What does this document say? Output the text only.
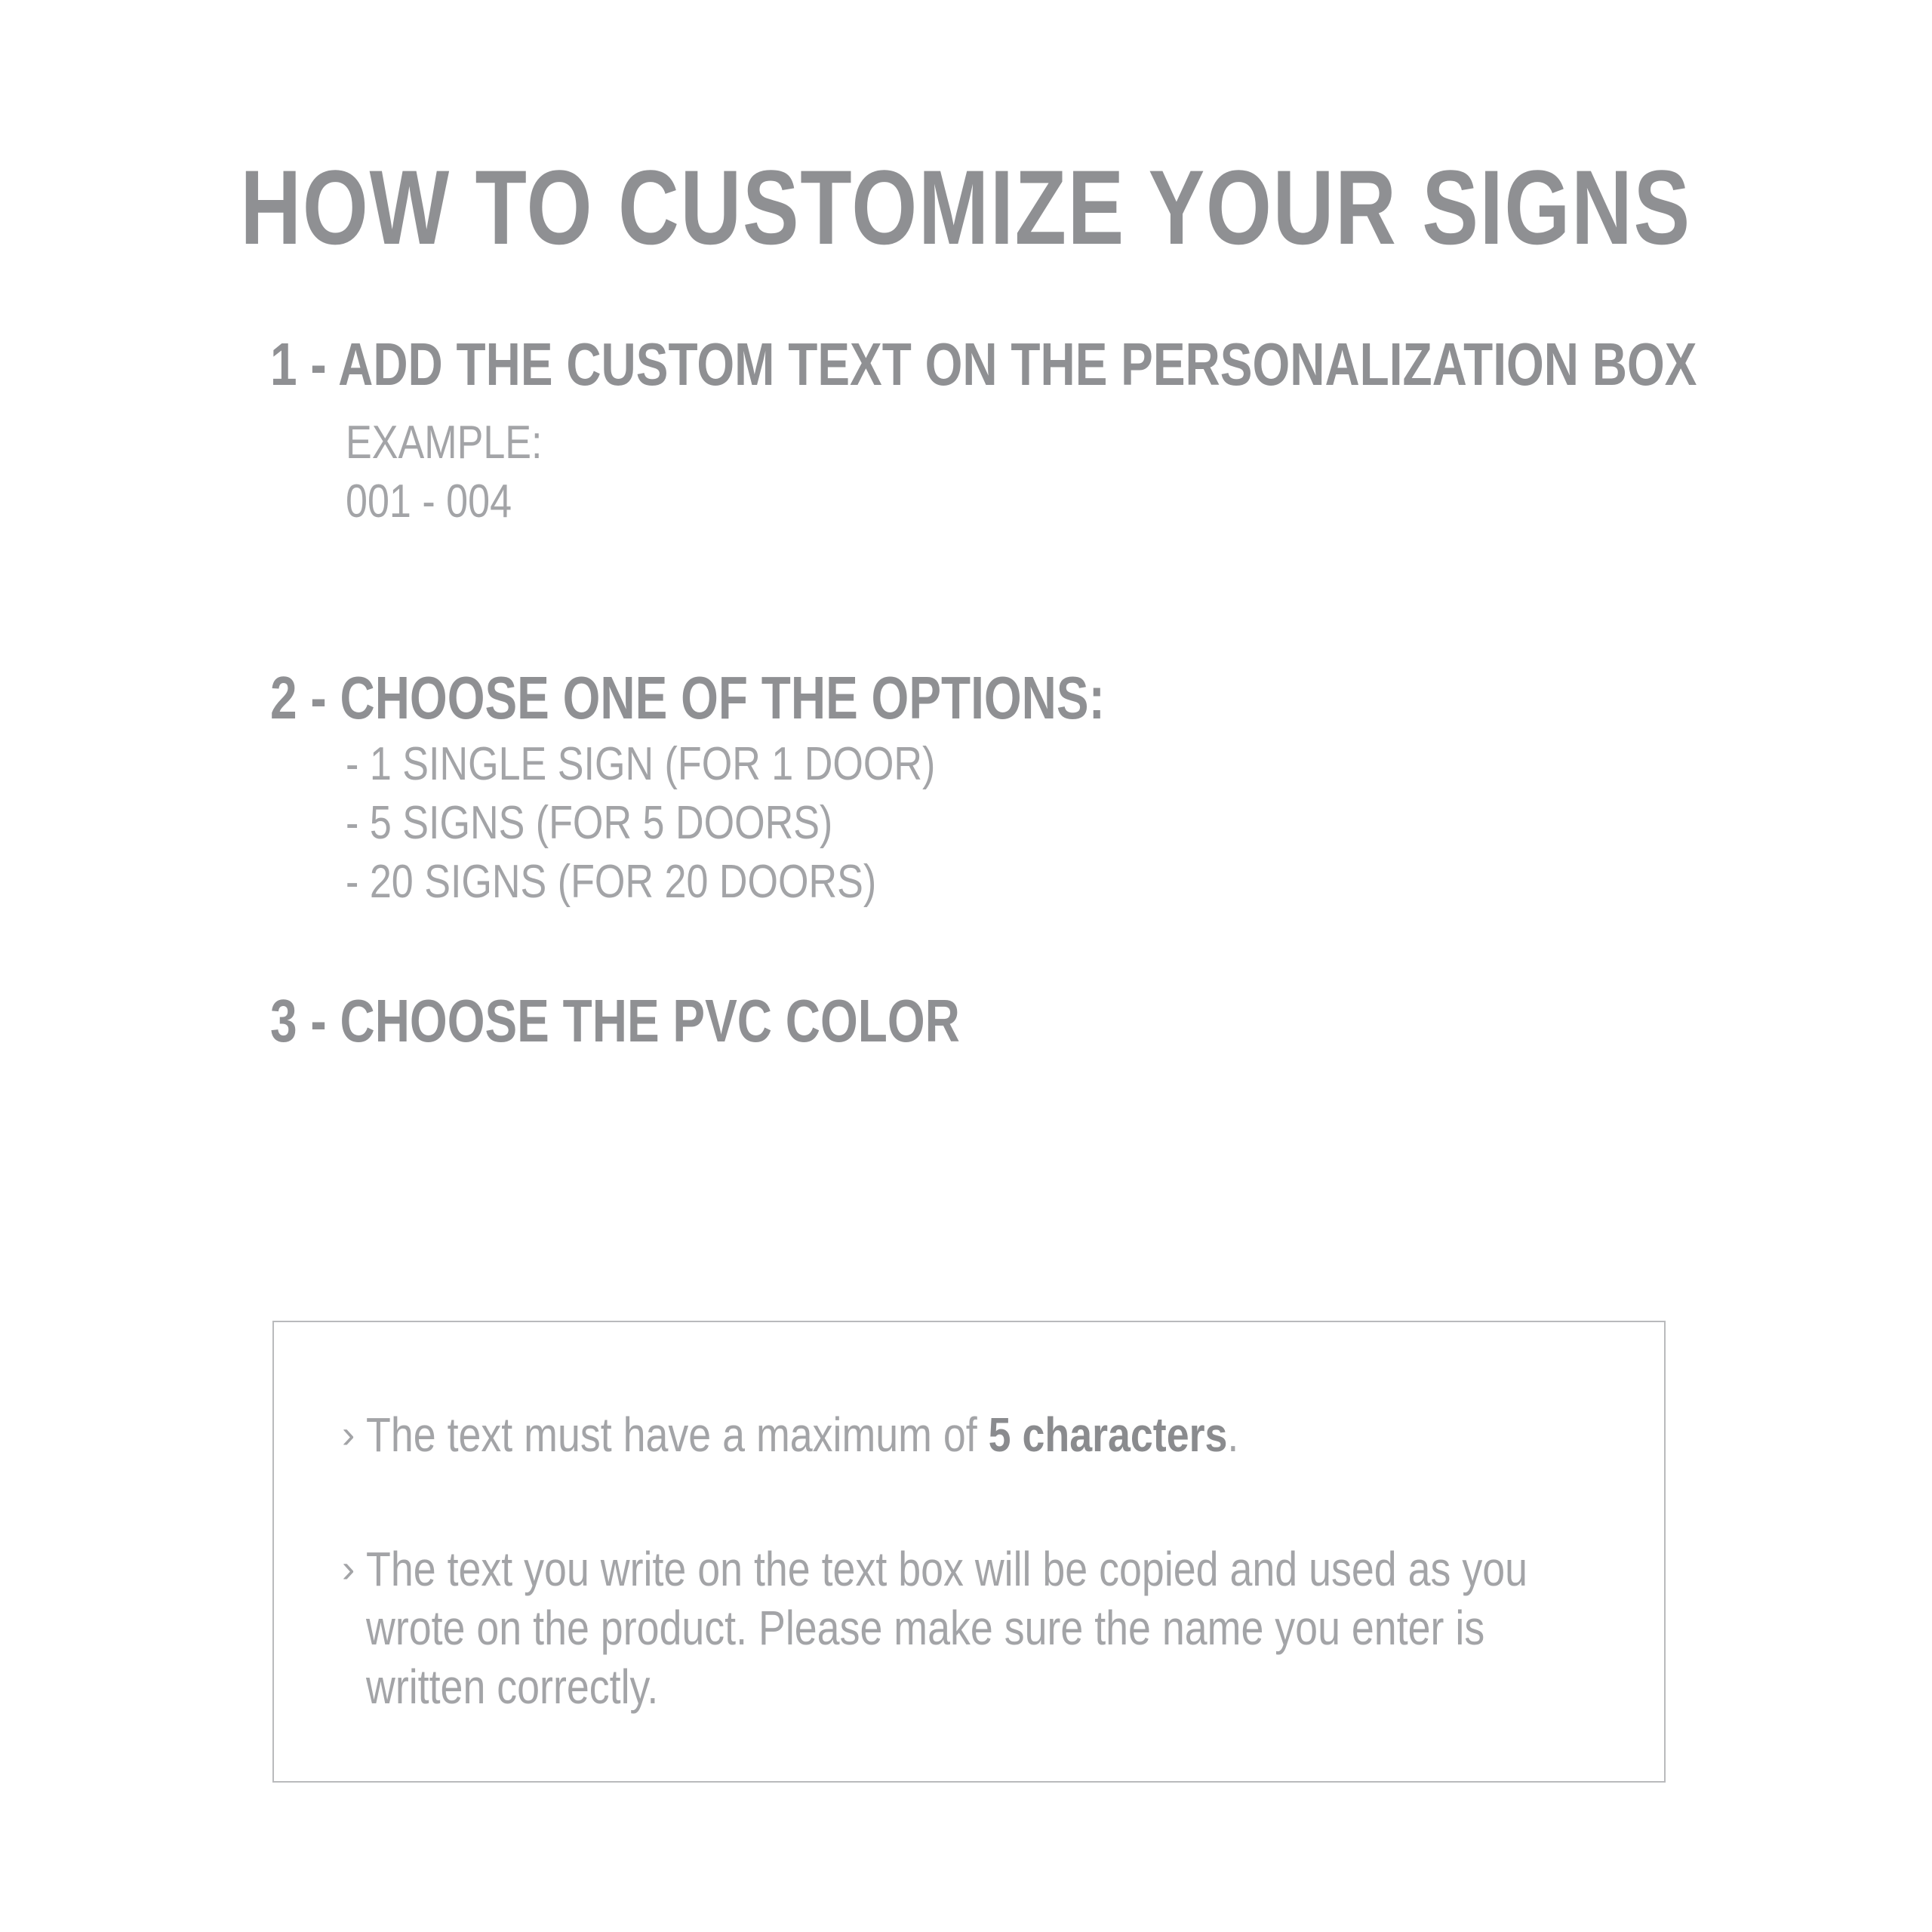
HOW TO CUSTOMIZE YOUR SIGNS
1 - ADD THE CUSTOM TEXT ON THE PERSONALIZATION BOX
EXAMPLE:
001 - 004
2 - CHOOSE ONE OF THE OPTIONS:
- 1 SINGLE SIGN (FOR 1 DOOR)
- 5 SIGNS (FOR 5 DOORS)
- 20 SIGNS (FOR 20 DOORS)
3 - CHOOSE THE PVC COLOR
› The text must have a maximum of 5 characters.
› The text you write on the text box will be copied and used as you
wrote on the product. Please make sure the name you enter is
written correctly.
